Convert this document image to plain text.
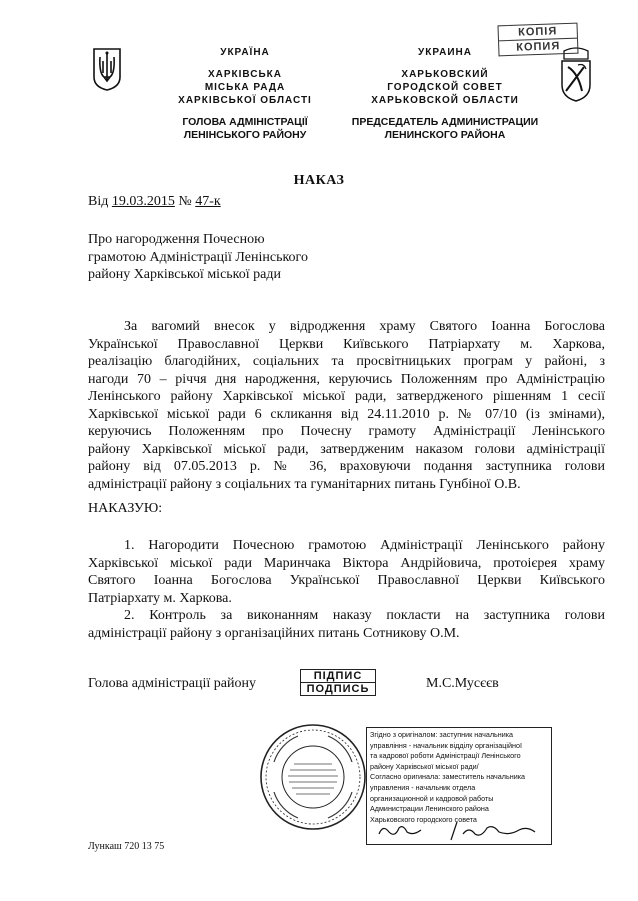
КОПІЯ
КОПИЯ
УКРАЇНА
ХАРКІВСЬКА
МІСЬКА РАДА
ХАРКІВСЬКОЇ ОБЛАСТІ
ГОЛОВА АДМІНІСТРАЦІЇ
ЛЕНІНСЬКОГО РАЙОНУ
УКРАИНА
ХАРЬКОВСКИЙ
ГОРОДСКОЙ СОВЕТ
ХАРЬКОВСКОЙ ОБЛАСТИ
ПРЕДСЕДАТЕЛЬ АДМИНИСТРАЦИИ
ЛЕНИНСКОГО РАЙОНА
НАКАЗ
Від 19.03.2015 № 47-к
Про нагородження Почесною
грамотою Адміністрації Ленінського
району Харківської міської ради
За вагомий внесок у відродження храму Святого Іоанна Богослова
Української Православної Церкви Київського Патріархату м. Харкова,
реалізацію благодійних, соціальних та просвітницьких програм у районі, з
нагоди 70 – річчя дня народження, керуючись Положенням про Адміністрацію
Ленінського району Харківської міської ради, затвердженого рішенням 1 сесії
Харківської міської ради 6 скликання від 24.11.2010 р. № 07/10 (із змінами),
керуючись Положенням про Почесну грамоту Адміністрації Ленінського
району Харківської міської ради, затвердженим наказом голови адміністрації
району від 07.05.2013 р. № 36, враховуючи подання заступника голови
адміністрації району з соціальних та гуманітарних питань Гунбіної О.В.
НАКАЗУЮ:
1. Нагородити Почесною грамотою Адміністрації Ленінського району
Харківської міської ради Маринчака Віктора Андрійовича, протоієрея храму
Святого Іоанна Богослова Української Православної Церкви Київського
Патріархату м. Харкова.
2. Контроль за виконанням наказу покласти на заступника голови
адміністрації району з організаційних питань Сотникову О.М.
Голова адміністрації району	ПІДПИС
ПОДПИСЬ	М.С.Мусєєв
Згідно з оригіналом: заступник начальника
управління - начальник відділу організаційної
та кадрової роботи Адміністрації Ленінського
району Харківської міської ради/
Согласно оригинала: заместитель начальника
управления - начальник отдела
организационной и кадровой работы
Администрации Ленинского района
Харьковского городского совета
Лункаш 720 13 75
